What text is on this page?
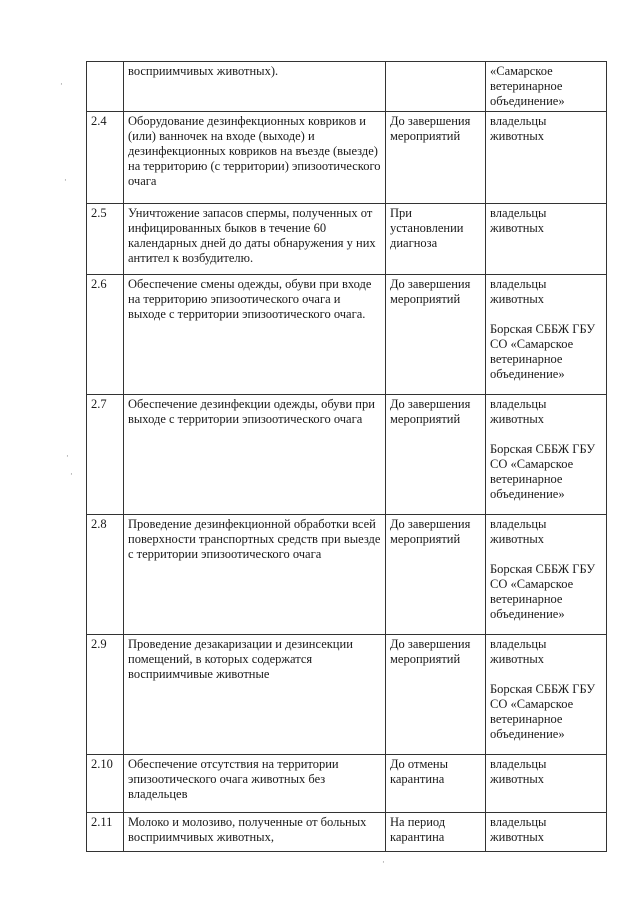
	восприимчивых животных).		«Самарское ветеринарное объединение»

2.4	Оборудование дезинфекционных ковриков и (или) ванночек на входе (выходе) и дезинфекционных ковриков на въезде (выезде) на территорию (с территории) эпизоотического очага	До завершения мероприятий	владельцы животных

2.5	Уничтожение запасов спермы, полученных от инфицированных быков в течение 60 календарных дней до даты обнаружения у них антител к возбудителю.	При установлении диагноза	владельцы животных

2.6	Обеспечение смены одежды, обуви при входе на территорию эпизоотического очага и выходе с территории эпизоотического очага.	До завершения мероприятий	владельцы животных
Борская СББЖ ГБУ СО «Самарское ветеринарное объединение»

2.7	Обеспечение дезинфекции одежды, обуви при выходе с территории эпизоотического очага	До завершения мероприятий	владельцы животных
Борская СББЖ ГБУ СО «Самарское ветеринарное объединение»

2.8	Проведение дезинфекционной обработки всей поверхности транспортных средств при выезде с территории эпизоотического очага	До завершения мероприятий	владельцы животных
Борская СББЖ ГБУ СО «Самарское ветеринарное объединение»

2.9	Проведение дезакаризации и дезинсекции помещений, в которых содержатся восприимчивые животные	До завершения мероприятий	владельцы животных
Борская СББЖ ГБУ СО «Самарское ветеринарное объединение»

2.10	Обеспечение отсутствия на территории эпизоотического очага животных без владельцев	До отмены карантина	владельцы животных

2.11	Молоко и молозиво, полученные от больных восприимчивых животных,	На период карантина	владельцы животных
·
·
·
·
·
